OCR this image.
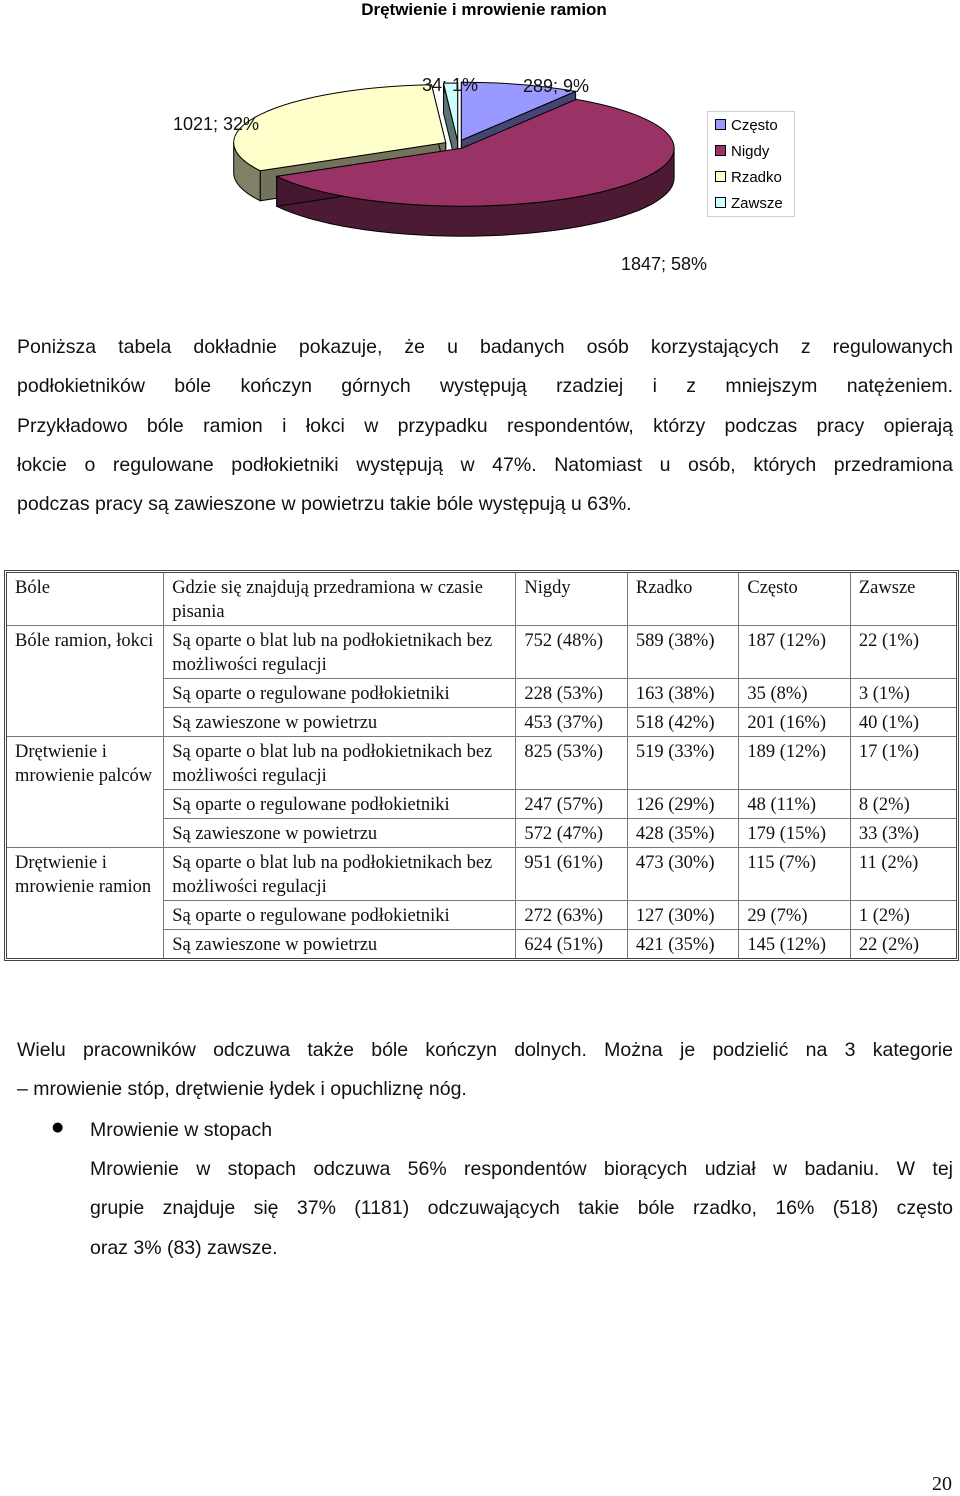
Drętwienie i mrowienie ramion
289; 9%
1847; 58%
1021; 32%
34; 1%
Często
Nigdy
Rzadko
Zawsze
Poniższa tabela dokładnie pokazuje, że u badanych osób korzystających z regulowanych
podłokietników bóle kończyn górnych występują rzadziej i z mniejszym natężeniem.
Przykładowo bóle ramion i łokci w przypadku respondentów, którzy podczas pracy opierają
łokcie o regulowane podłokietniki występują w 47%. Natomiast u osób, których przedramiona
podczas pracy są zawieszone w powietrzu takie bóle występują u 63%.
Bóle	Gdzie się znajdują przedramiona w czasie pisania	Nigdy	Rzadko	Często	Zawsze
Bóle ramion, łokci	Są oparte o blat lub na podłokietnikach bez możliwości regulacji	752 (48%)	589 (38%)	187 (12%)	22 (1%)
	Są oparte o regulowane podłokietniki	228 (53%)	163 (38%)	35 (8%)	3 (1%)
	Są zawieszone w powietrzu	453 (37%)	518 (42%)	201 (16%)	40 (1%)
Drętwienie i mrowienie palców	Są oparte o blat lub na podłokietnikach bez możliwości regulacji	825 (53%)	519 (33%)	189 (12%)	17 (1%)
	Są oparte o regulowane podłokietniki	247 (57%)	126 (29%)	48 (11%)	8 (2%)
	Są zawieszone w powietrzu	572 (47%)	428 (35%)	179 (15%)	33 (3%)
Drętwienie i mrowienie ramion	Są oparte o blat lub na podłokietnikach bez możliwości regulacji	951 (61%)	473 (30%)	115 (7%)	11 (2%)
	Są oparte o regulowane podłokietniki	272 (63%)	127 (30%)	29 (7%)	1 (2%)
	Są zawieszone w powietrzu	624 (51%)	421 (35%)	145 (12%)	22 (2%)
Wielu pracowników odczuwa także bóle kończyn dolnych. Można je podzielić na 3 kategorie
– mrowienie stóp, drętwienie łydek i opuchliznę nóg.
●	Mrowienie w stopach
Mrowienie w stopach odczuwa 56% respondentów biorących udział w badaniu. W tej
grupie znajduje się 37% (1181) odczuwających takie bóle rzadko, 16% (518) często
oraz 3% (83) zawsze.
20
